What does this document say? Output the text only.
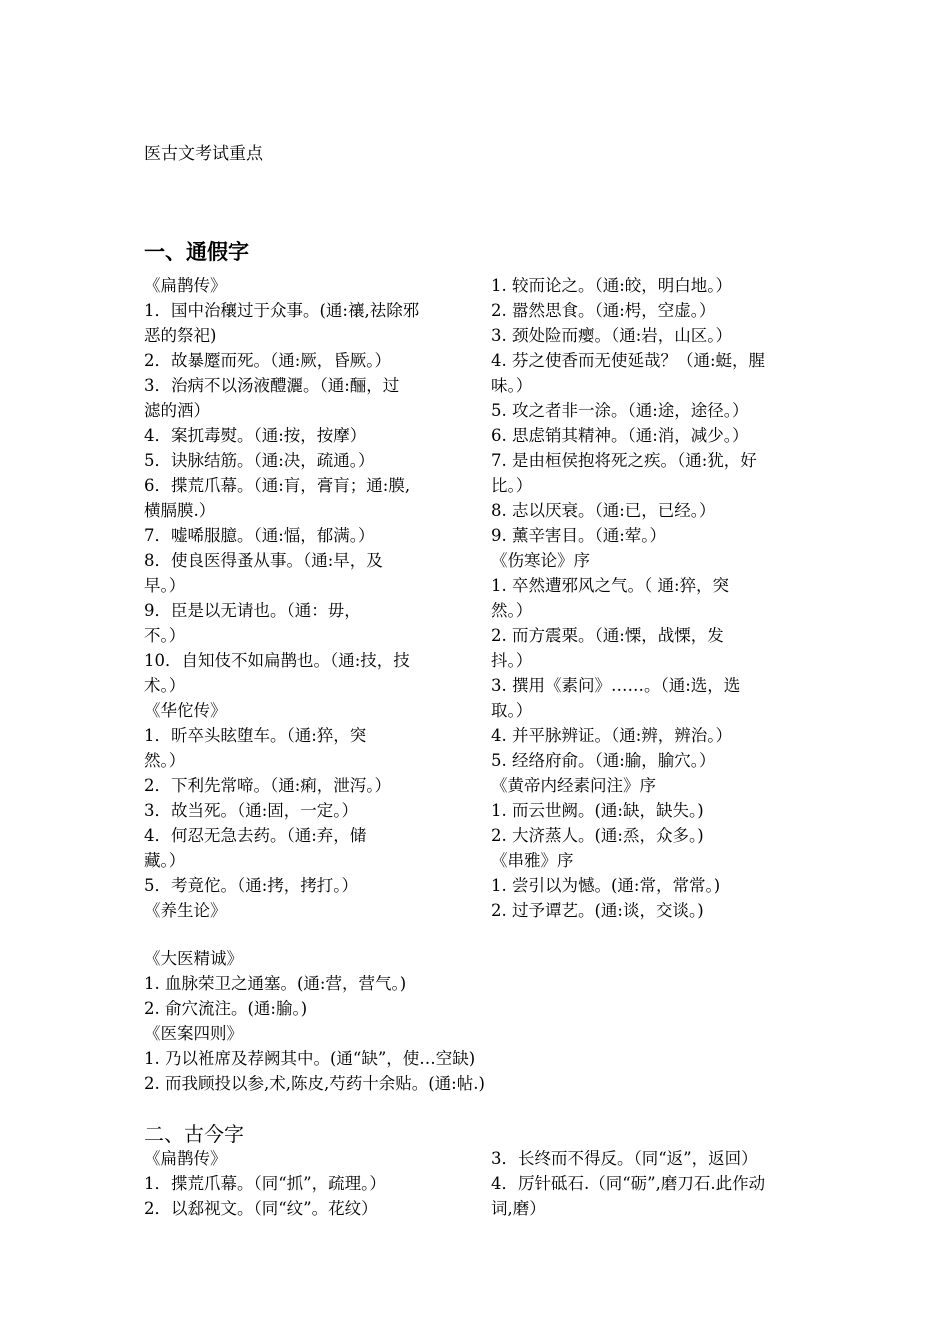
医古文考试重点
一、通假字
《扁鹊传》
1．国中治穰过于众事。(通:禳,祛除邪
恶的祭祀)
2．故暴蹷而死。（通:厥，昏厥。）
3．治病不以汤液醴灑。（通:酾，过
滤的酒）
4．案扤毒熨。（通:按，按摩）
5．诀脉结筋。（通:决，疏通。）
6．揲荒爪幕。（通:肓，膏肓；通:膜,
横膈膜.）
7．嘘唏服臆。（通:愊，郁满。）
8．使良医得蚤从事。（通:早，及
早。）
9．臣是以无请也。（通：毋，
不。）
10．自知伎不如扁鹊也。（通:技，技
术。）
《华佗传》
1．昕卒头眩堕车。（通:猝，突
然。）
2．下利先常啼。（通:痢，泄泻。）
3．故当死。（通:固，一定。）
4．何忍无急去药。（通:弃，储
藏。）
5．考竟佗。（通:拷，拷打。）
《养生论》
1. 较而论之。（通:皎，明白地。）
2. 嚣然思食。（通:枵，空虚。）
3. 颈处险而瘿。（通:岩，山区。）
4. 芬之使香而无使延哉？（通:蜓，腥
味。）
5. 攻之者非一涂。（通:途，途径。）
6. 思虑销其精神。（通:消，减少。）
7. 是由桓侯抱将死之疾。（通:犹，好
比。）
8. 志以厌衰。（通:已，已经。）
9. 薰辛害目。（通:荤。）
《伤寒论》序
1. 卒然遭邪风之气。（ 通:猝，突
然。）
2. 而方震栗。（通:慄，战慄，发
抖。）
3. 撰用《素问》……。（通:选，选
取。）
4. 并平脉辨证。（通:辨，辨治。）
5. 经络府俞。（通:腧，腧穴。）
《黄帝内经素问注》序
1. 而云世阙。(通:缺，缺失。)
2. 大济蒸人。(通:烝，众多。)
《串雅》序
1. 尝引以为憾。(通:常，常常。)
2. 过予谭艺。(通:谈，交谈。)
《大医精诚》
1. 血脉荣卫之通塞。(通:营，营气。)
2. 俞穴流注。(通:腧。)
《医案四则》
1. 乃以袵席及荐阙其中。(通“缺”，使…空缺)
2. 而我顾投以参,术,陈皮,芍药十余贴。(通:帖.)
二、古今字
《扁鹊传》
1．揲荒爪幕。（同“抓”，疏理。）
2．以郄视文。（同“纹”。花纹）
3．长终而不得反。（同“返”，返回）
4．厉针砥石.（同“砺”,磨刀石.此作动
词,磨）
